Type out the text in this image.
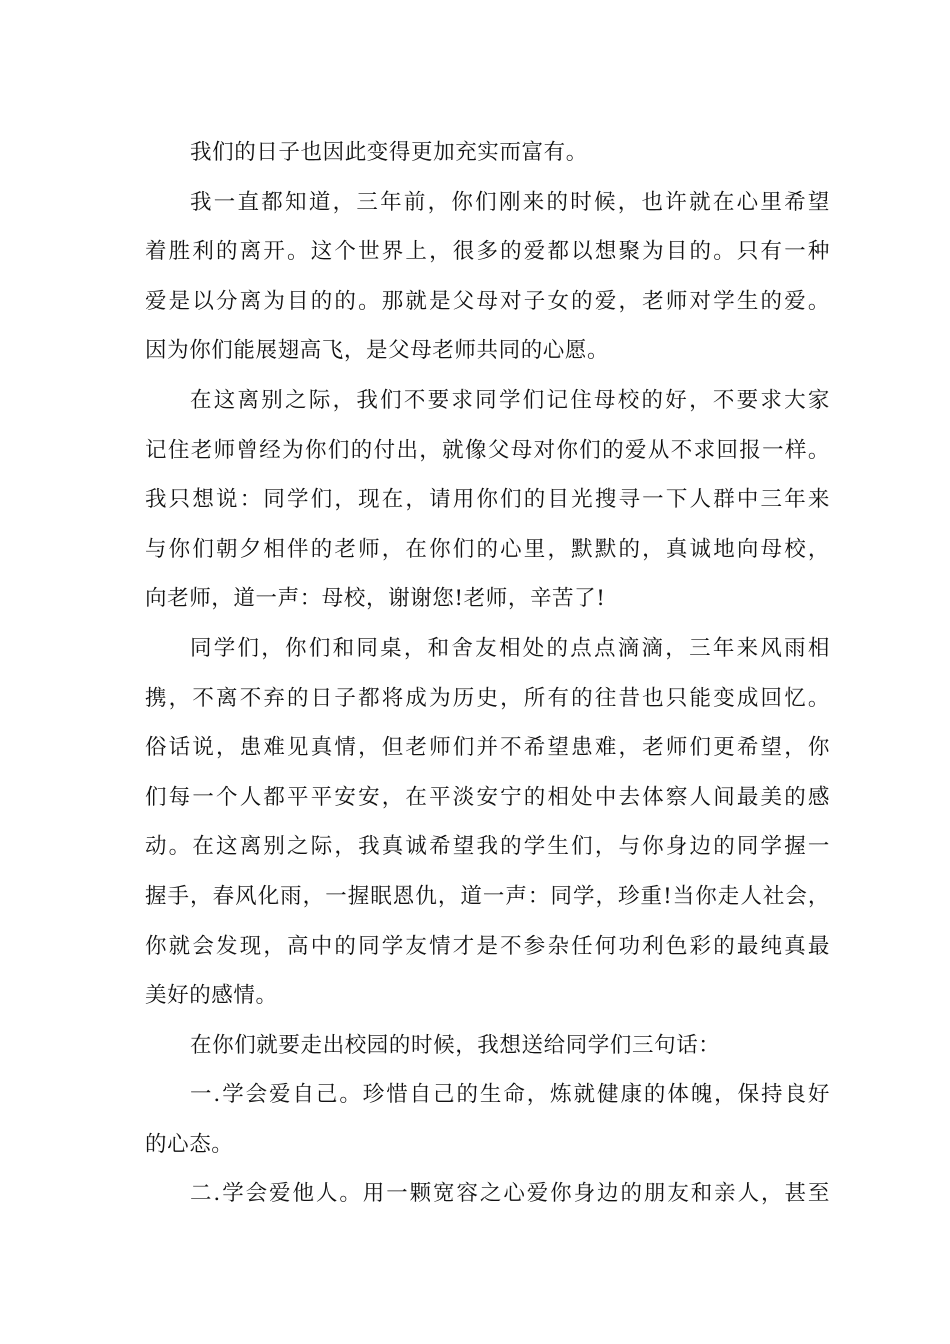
我们的日子也因此变得更加充实而富有。
我一直都知道，三年前，你们刚来的时候，也许就在心里希望
着胜利的离开。这个世界上，很多的爱都以想聚为目的。只有一种
爱是以分离为目的的。那就是父母对子女的爱，老师对学生的爱。
因为你们能展翅高飞，是父母老师共同的心愿。
在这离别之际，我们不要求同学们记住母校的好，不要求大家
记住老师曾经为你们的付出，就像父母对你们的爱从不求回报一样。
我只想说：同学们，现在，请用你们的目光搜寻一下人群中三年来
与你们朝夕相伴的老师，在你们的心里，默默的，真诚地向母校，
向老师，道一声：母校，谢谢您!老师，辛苦了!
同学们，你们和同桌，和舍友相处的点点滴滴，三年来风雨相
携，不离不弃的日子都将成为历史，所有的往昔也只能变成回忆。
俗话说，患难见真情，但老师们并不希望患难，老师们更希望，你
们每一个人都平平安安，在平淡安宁的相处中去体察人间最美的感
动。在这离别之际，我真诚希望我的学生们，与你身边的同学握一
握手，春风化雨，一握眠恩仇，道一声：同学，珍重!当你走人社会，
你就会发现，高中的同学友情才是不参杂任何功利色彩的最纯真最
美好的感情。
在你们就要走出校园的时候，我想送给同学们三句话：
一.学会爱自己。珍惜自己的生命，炼就健康的体魄，保持良好
的心态。
二.学会爱他人。用一颗宽容之心爱你身边的朋友和亲人，甚至
